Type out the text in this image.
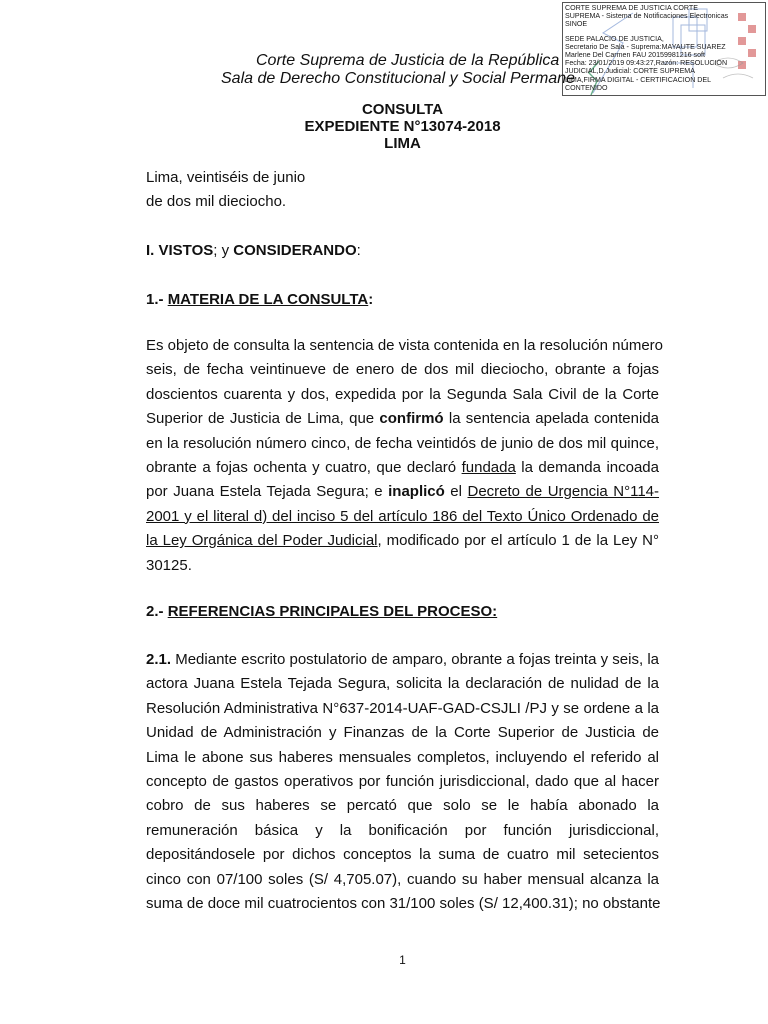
CORTE SUPREMA DE JUSTICIA CORTE
SUPREMA - Sistema de Notificaciones Electronicas
SINOE
SEDE PALACIO DE JUSTICIA,
Secretario De Sala - Suprema:MAYAUTE SUAREZ
Marlene Del Carmen FAU 20159981216 soft
Fecha: 23/01/2019 09:43:27,Razón: RESOLUCIÓN
JUDICIAL,D.Judicial: CORTE SUPREMA
LIMA,FIRMA DIGITAL - CERTIFICACION DEL
CONTENIDO
Corte Suprema de Justicia de la República
Sala de Derecho Constitucional y Social Permane
CONSULTA
EXPEDIENTE N°13074-2018
LIMA
Lima, veintiséis de junio
de dos mil dieciocho.
I. VISTOS; y CONSIDERANDO:
1.- MATERIA DE LA CONSULTA:
Es objeto de consulta la sentencia de vista contenida en la resolución número
seis, de fecha veintinueve de enero de dos mil dieciocho, obrante a fojas
doscientos cuarenta y dos, expedida por la Segunda Sala Civil de la Corte
Superior de Justicia de Lima, que confirmó la sentencia apelada contenida
en la resolución número cinco, de fecha veintidós de junio de dos mil quince,
obrante a fojas ochenta y cuatro, que declaró fundada la demanda incoada
por Juana Estela Tejada Segura; e inaplicó el Decreto de Urgencia N°114-
2001 y el literal d) del inciso 5 del artículo 186 del Texto Único Ordenado de
la Ley Orgánica del Poder Judicial, modificado por el artículo 1 de la Ley N°
30125.
2.- REFERENCIAS PRINCIPALES DEL PROCESO:
2.1. Mediante escrito postulatorio de amparo, obrante a fojas treinta y seis, la
actora Juana Estela Tejada Segura, solicita la declaración de nulidad de la
Resolución Administrativa N°637-2014-UAF-GAD-CSJLI /PJ y se ordene a la
Unidad de Administración y Finanzas de la Corte Superior de Justicia de
Lima le abone sus haberes mensuales completos, incluyendo el referido al
concepto de gastos operativos por función jurisdiccional, dado que al hacer
cobro de sus haberes se percató que solo se le había abonado la
remuneración básica y la bonificación por función jurisdiccional,
depositándosele por dichos conceptos la suma de cuatro mil setecientos
cinco con 07/100 soles (S/ 4,705.07), cuando su haber mensual alcanza la
suma de doce mil cuatrocientos con 31/100 soles (S/ 12,400.31); no obstante
1
